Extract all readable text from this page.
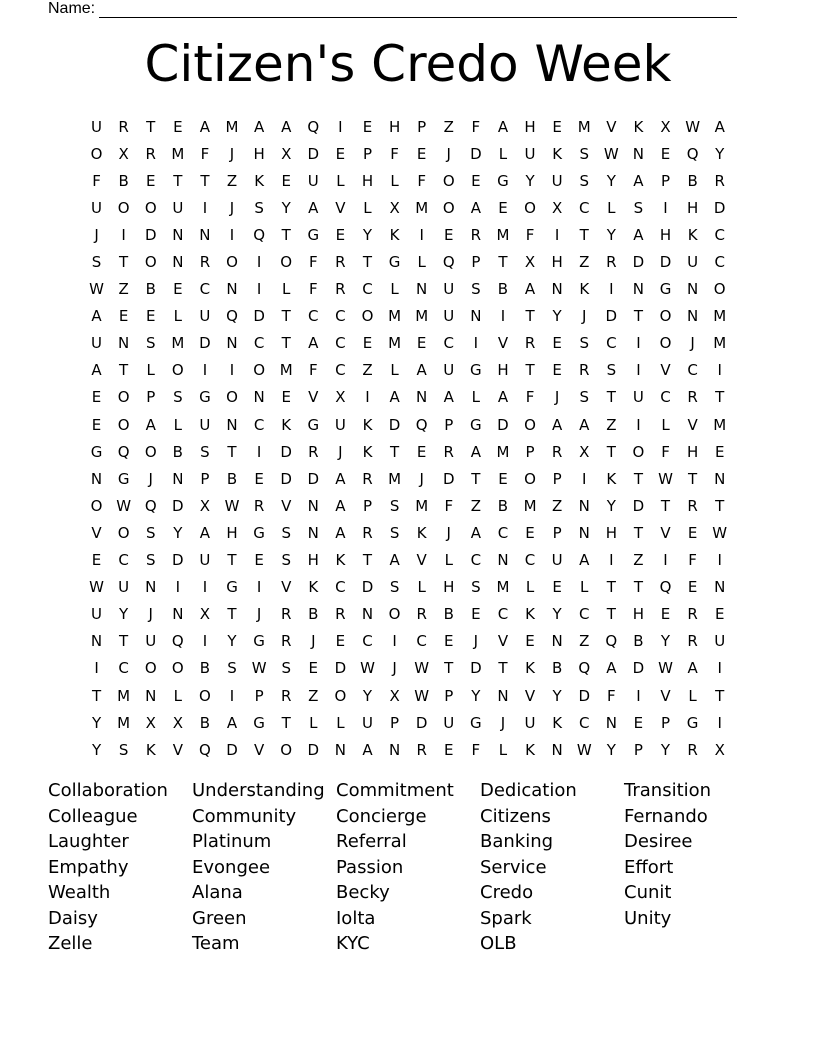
Name:
Citizen's Credo Week
U	R	T	E	A	M	A	A	Q	I	E	H	P	Z	F	A	H	E	M	V	K	X W A
O	X	R	M	F	J	H	X	D	E	P	F	E	J	D	L	U	K	S W N	E	Q	Y
F	B	E	T	T	Z	K	E	U	L	H	L	F	O	E	G	Y	U	S	Y	A	P	B	R
U	O	O	U	I	J	S	Y	A	V	L	X	M O	A	E	O	X	C	L	S	I	H	D
J	I	D	N	N	I	Q	T	G	E	Y	K	I	E	R	M	F	I	T	Y	A	H	K	C
S	T	O	N	R	O	I	O	F	R	T	G	L	Q	P	T	X	H	Z	R	D	D	U	C
W Z	B	E	C	N	I	L	F	R	C	L	N	U	S	B	A	N	K	I	N	G	N	O
A	E	E	L	U	Q	D	T	C	C	O M M	U	N	I	T	Y	J	D	T	O	N	M
U	N	S	M D	N	C	T	A	C	E	M	E	C	I	V	R	E	S	C	I	O	J	M
A	T	L	O	I	I	O M	F	C	Z	L	A	U	G	H	T	E	R	S	I	V	C	I
E	O	P	S	G	O	N	E	V	X	I	A	N	A	L	A	F	J	S	T	U	C	R	T
E	O	A	L	U	N	C	K	G	U	K	D	Q	P	G	D	O	A	A	Z	I	L	V	M
G	Q	O	B	S	T	I	D	R	J	K	T	E	R	A	M	P	R	X	T	O	F	H	E
N	G	J	N	P	B	E	D	D	A	R	M	J	D	T	E	O	P	I	K	T	W	T	N
O W Q	D	X W R	V	N	A	P	S	M	F	Z	B	M	Z	N	Y	D	T	R	T
V	O	S	Y	A	H	G	S	N	A	R	S	K	J	A	C	E	P	N	H	T	V	E W
E	C	S	D	U	T	E	S	H	K	T	A	V	L	C	N	C	U	A	I	Z	I	F	I
W U	N	I	I	G	I	V	K	C	D	S	L	H	S	M	L	E	L	T	T	Q	E	N
U	Y	J	N	X	T	J	R	B	R	N	O	R	B	E	C	K	Y	C	T	H	E	R	E
N	T	U	Q	I	Y	G	R	J	E	C	I	C	E	J	V	E	N	Z	Q	B	Y	R	U
I	C	O	O	B	S W S	E	D W	J	W	T	D	T	K	B	Q	A	D W A	I
T	M	N	L	O	I	P	R	Z	O	Y	X W	P	Y	N	V	Y	D	F	I	V	L	T
Y	M	X	X	B	A	G	T	L	L	U	P	D	U	G	J	U	K	C	N	E	P	G	I
Y	S	K	V	Q	D	V	O	D	N	A	N	R	E	F	L	K	N W	Y	P	Y	R	X
Collaboration
Colleague
Laughter
Empathy
Wealth
Daisy
Zelle
Understanding
Community
Platinum
Evongee
Alana
Green
Team
Commitment
Concierge
Referral
Passion
Becky
Iolta
KYC
Dedication
Citizens
Banking
Service
Credo
Spark
OLB
Transition
Fernando
Desiree
Effort
Cunit
Unity
